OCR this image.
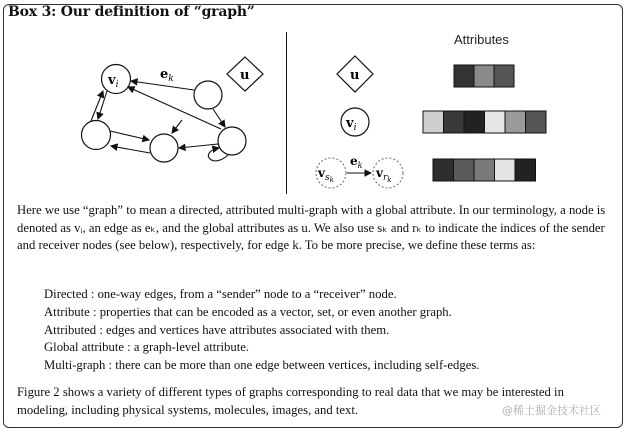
Box 3: Our definition of “graph”
$v_i$
$e_k$	u	u
$v_i$
$v_sk$	$v_rk$
$e_k$
Attributes
Here we use “graph” to mean a directed, attributed multi-graph with a global attribute. In our terminology, a node is denoted as vᵢ, an edge as eₖ, and the global attributes as u. We also use sₖ and rₖ to indicate the indices of the sender and receiver nodes (see below), respectively, for edge k. To be more precise, we define these terms as:
Directed : one-way edges, from a “sender” node to a “receiver” node.
Attribute : properties that can be encoded as a vector, set, or even another graph.
Attributed : edges and vertices have attributes associated with them.
Global attribute : a graph-level attribute.
Multi-graph : there can be more than one edge between vertices, including self-edges.
Figure 2 shows a variety of different types of graphs corresponding to real data that we may be interested in modeling, including physical systems, molecules, images, and text.	@稀土掘金技术社区
